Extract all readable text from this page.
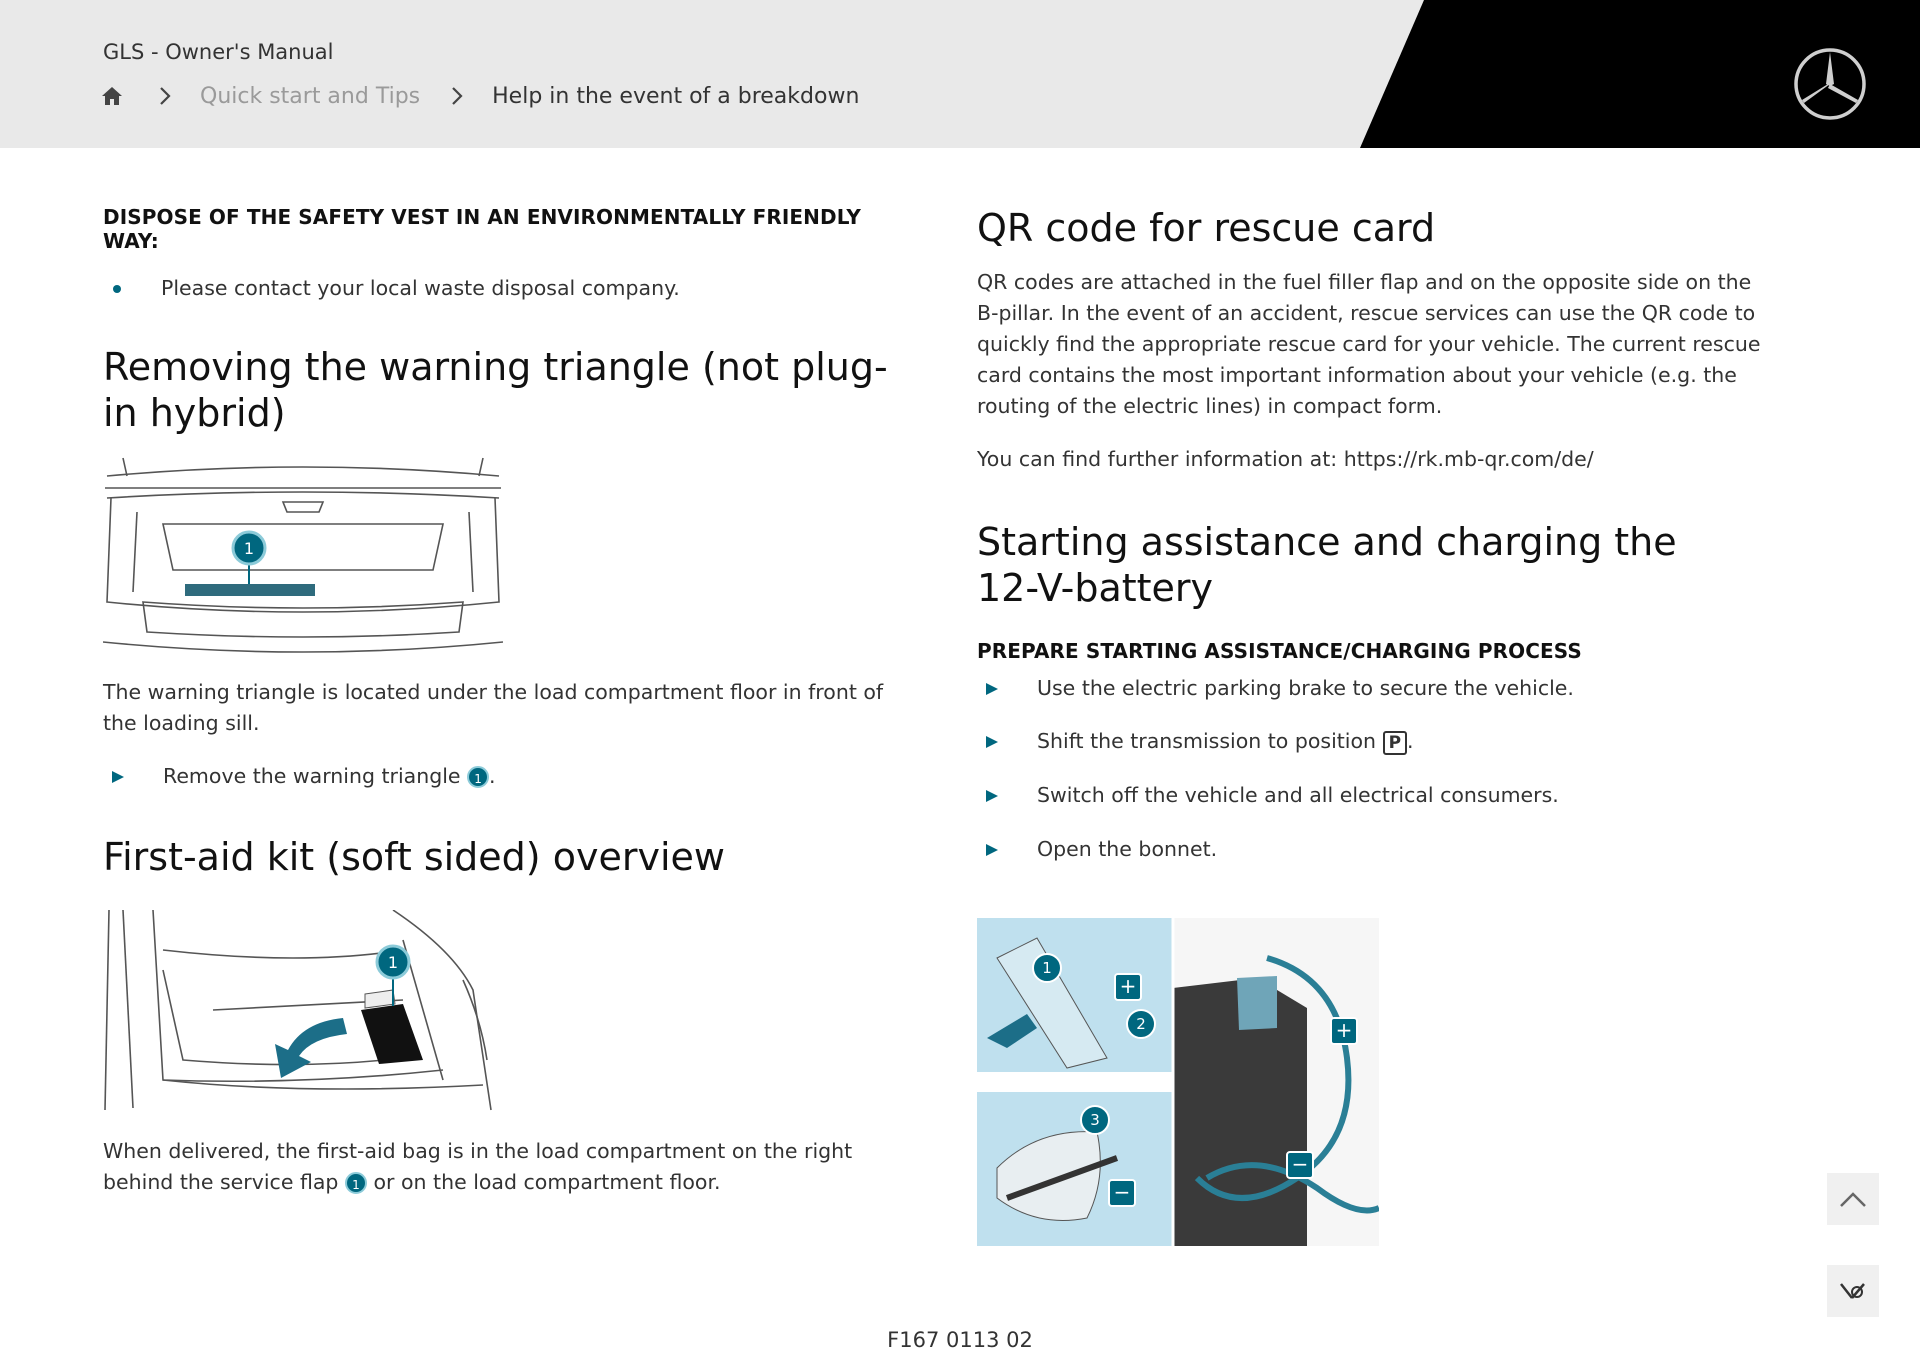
GLS - Owner's Manual
Quick start and Tips	Help in the event of a breakdown
DISPOSE OF THE SAFETY VEST IN AN ENVIRONMENTALLY FRIENDLY WAY:
Please contact your local waste disposal company.
Removing the warning triangle (not plug-in hybrid)
1

The warning triangle is located under the load compartment floor in front of the loading sill.

Remove the warning triangle 1 .
First-aid kit (soft sided) overview
1

When delivered, the first-aid bag is in the load compartment on the right behind the service flap 1 or on the load compartment floor.

QR code for rescue card

QR codes are attached in the fuel filler flap and on the opposite side on the B-pillar. In the event of an accident, rescue services can use the QR code to quickly find the appropriate rescue card for your vehicle. The current rescue card contains the most important information about your vehicle (e.g. the routing of the electric lines) in compact form.

You can find further information at: https://rk.mb-qr.com/de/

Starting assistance and charging the 12-V-battery
PREPARE STARTING ASSISTANCE/CHARGING PROCESS
Use the electric parking brake to secure the vehicle.
Shift the transmission to position P .
Switch off the vehicle and all electrical consumers.
Open the bonnet.
1
2
3
+
−
+
−
F167 0113 02
